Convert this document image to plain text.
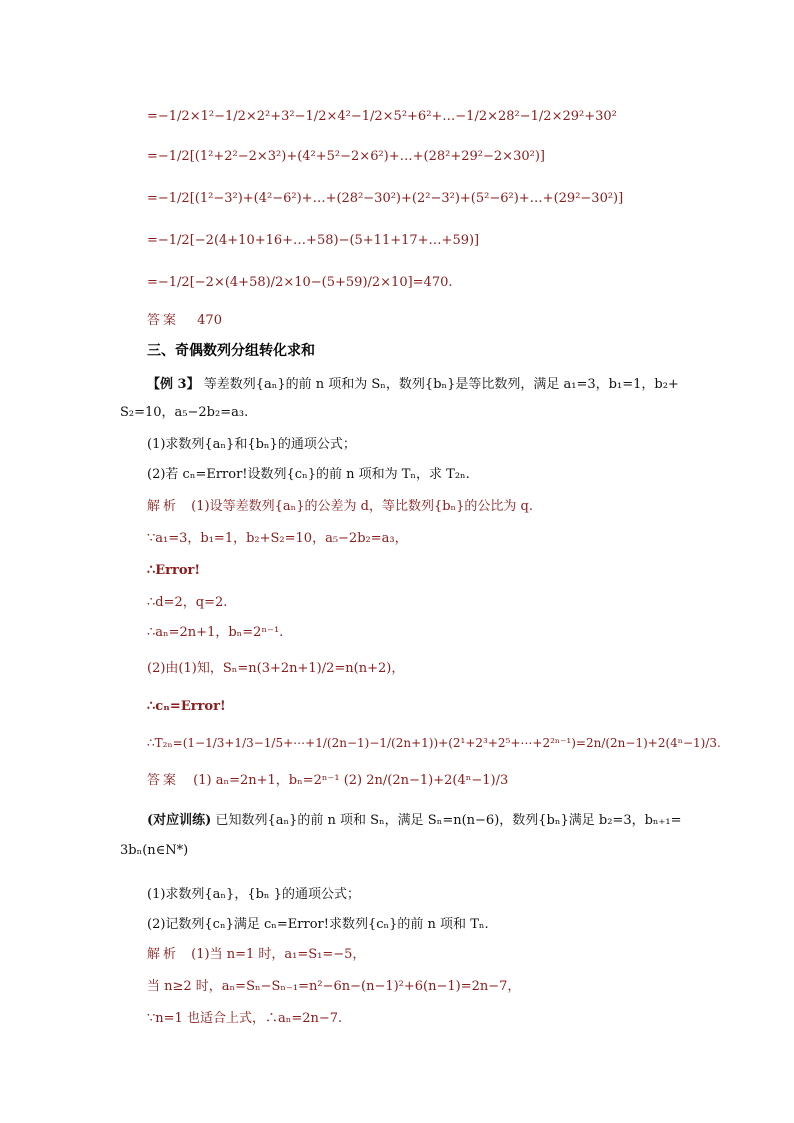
=−1/2×1²−1/2×2²+3²−1/2×4²−1/2×5²+6²+…−1/2×28²−1/2×29²+30²
=−1/2[(1²+2²−2×3²)+(4²+5²−2×6²)+…+(28²+29²−2×30²)]
=−1/2[(1²−3²)+(4²−6²)+…+(28²−30²)+(2²−3²)+(5²−6²)+…+(29²−30²)]
=−1/2[−2(4+10+16+…+58)−(5+11+17+…+59)]
=−1/2[−2×(4+58)/2×10−(5+59)/2×10]=470.
答案 470
三、奇偶数列分组转化求和
【例 3】 等差数列{aₙ}的前 n 项和为 Sₙ，数列{bₙ}是等比数列，满足 a₁=3，b₁=1，b₂+
S₂=10，a₅−2b₂=a₃.
(1)求数列{aₙ}和{bₙ}的通项公式；
(2)若 cₙ=Error!设数列{cₙ}的前 n 项和为 Tₙ，求 T₂ₙ.
解析 (1)设等差数列{aₙ}的公差为 d，等比数列{bₙ}的公比为 q.
∵a₁=3，b₁=1，b₂+S₂=10，a₅−2b₂=a₃，
∴Error!
∴d=2，q=2.
∴aₙ=2n+1，bₙ=2ⁿ⁻¹.
(2)由(1)知，Sₙ=n(3+2n+1)/2=n(n+2)，
∴cₙ=Error!
∴T₂ₙ=(1−1/3+1/3−1/5+⋯+1/(2n−1)−1/(2n+1))+(2¹+2³+2⁵+⋯+2²ⁿ⁻¹)=2n/(2n−1)+2(4ⁿ−1)/3.
答案 (1) aₙ=2n+1，bₙ=2ⁿ⁻¹ (2) 2n/(2n−1)+2(4ⁿ−1)/3
(对应训练) 已知数列{aₙ}的前 n 项和 Sₙ，满足 Sₙ=n(n−6)，数列{bₙ}满足 b₂=3，bₙ₊₁=
3bₙ(n∈N*)
(1)求数列{aₙ}，{bₙ }的通项公式；
(2)记数列{cₙ}满足 cₙ=Error!求数列{cₙ}的前 n 项和 Tₙ.
解析 (1)当 n=1 时，a₁=S₁=−5，
当 n≥2 时，aₙ=Sₙ−Sₙ₋₁=n²−6n−(n−1)²+6(n−1)=2n−7，
∵n=1 也适合上式，∴aₙ=2n−7.
